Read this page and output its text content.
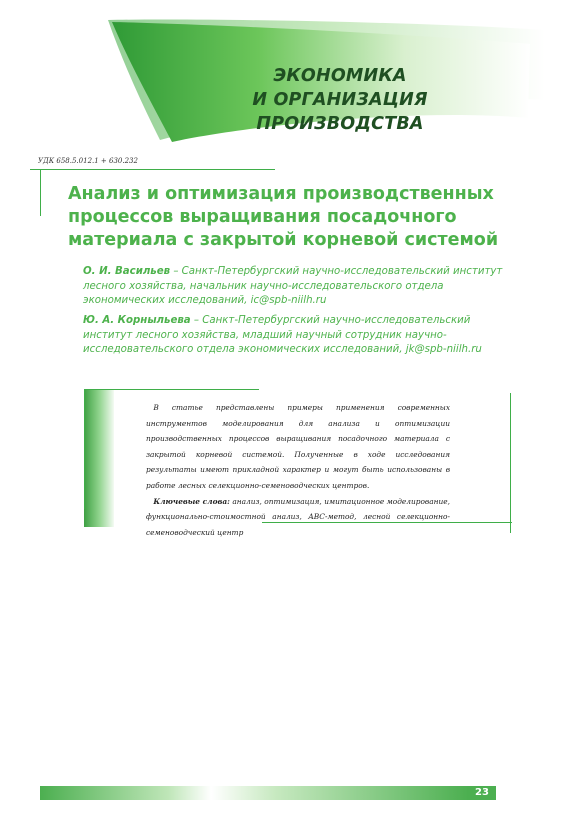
ЭКОНОМИКА
И ОРГАНИЗАЦИЯ ПРОИЗВОДСТВА
УДК 658.5.012.1 + 630.232
Анализ и оптимизация производственных процессов выращивания посадочного материала с закрытой корневой системой
О. И. Васильев – Санкт-Петербургский научно-исследовательский институт лесного хозяйства, начальник научно-исследовательского отдела экономических исследований, ic@spb-niilh.ru
Ю. А. Корныльева – Санкт-Петербургский научно-исследовательский институт лесного хозяйства, младший научный сотрудник научно-исследовательского отдела экономических исследований, jk@spb-niilh.ru

 В статье представлены примеры применения современных инструментов моделирования для анализа и оптимизации производственных процессов выращивания посадочного материала с закрытой корневой системой. Полученные в ходе исследования результаты имеют прикладной характер и могут быть использованы в работе лесных селекционно-семеноводческих центров.

 Ключевые слова: анализ, оптимизация, имитационное моделирование, функционально-стоимостной анализ, ABC-метод, лесной селекционно-семеноводческий центр

23
